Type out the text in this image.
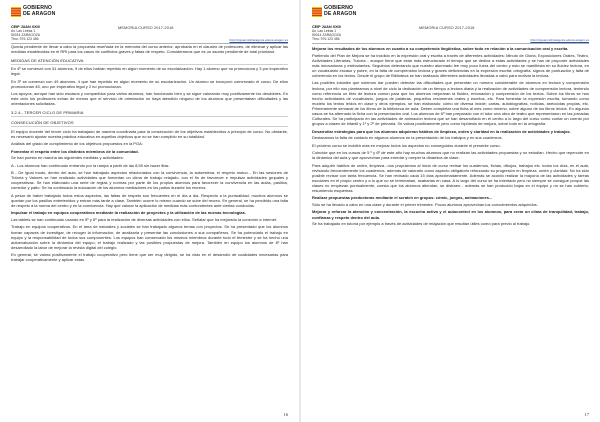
GOBIERNO
DE ARAGON
CEIP JUAN XXIII
Av. Las Letras 1
50014 ZARAGOZA
Tfno: 976 123 456
MEMORIA CURSO 2017-2018
http://cpjuanxxiiizaragoza.educa.aragon.es

Queda pendiente de llevar a cabo la propuesta reseñada en la memoria del curso anterior, aprobada en el claustro de profesores, de eliminar y aplicar las medidas establecidas en el RRI para los casos de conflictos graves y faltas de respeto. Consideramos que es un asunto pendiente de total prioridad.

MEDIDAS DE ATENCIÓN EDUCATIVA

En 4º se comenzó con 51 alumnos, 9 de ellos habían repetido en algún momento de su escolarización. Hay 1 alumno que no promociona y 3 por imperativo legal.

En 3º se comenzó con 49 alumnos. 4 que han repetido en algún momento de su escolarización. Un alumno se incorporó comenzado el curso. De ellos promocionan 45, uno por imperativo legal y 2 no promocionan.

Los apoyos, aunque han sido escasos y compartidos para varios alumnos, han funcionado bien y se sigue valorando muy positivamente los desdobles. En este ciclo los profesores echan de menos que el servicio de orientación no haya atendido ninguno de los alumnos que presentaban dificultades y las orientaciones solicitadas.

3.2.4.- TERCER CICLO DE PRIMARIA
CONSECUCIÓN DE OBJETIVOS

El equipo docente del tercer ciclo ha trabajado de manera coordinada para la consecución de los objetivos establecidos a principio de curso. No obstante, es necesario ajustar nuestra práctica educativa en aquellos objetivos que no se han cumplido en su totalidad.

Análisis del grado de cumplimiento de los objetivos propuestos en la PGA:

Fomentar el respeto entre los distintos miembros de la comunidad.

Se han puesto en marcha las siguientes medidas y actividades:

A - Los alumnos han continuado entrando por la rampa a partir de las 8,55 sin hacer filas.

B - De igual modo, dentro del aula, se han trabajado aspectos relacionados con la convivencia, la autoestima, el respeto mutuo... En las sesiones de Tutoría y Valores se han realizado actividades que fomentan un clima de trabajo relajado, con el fin de favorecer e impulsar actividades grupales y cooperativas. Se han elaborado una serie de reglas y normas por parte de los propios alumnos para favorecer la convivencia en las aulas, pasillos, comedor y patio. Se ha continuado la educación de los alumnos mediadores en los patios durante los recreos.

A pesar de haber trabajado todos estos aspectos, las faltas de respeto son frecuentes en el día a día. Respecto a la puntualidad, muchos alumnos se quedan por los pasillos entretenidos y entran más tarde a clase. También ocurre lo mismo cuando se sube del recreo. En general, se ha percibido una falta de respeto a la norma del centro y en la convivencia. Hay que valorar la aplicación de medidas más contundentes ante ciertas conductas.

Impulsar el trabajo en equipos cooperativos mediante la realización de proyectos y la utilización de las nuevas tecnologías.

Las tablets se han continuado usando en 5º y 6º para la realización de diversas actividades con ellos. Señalar que ha mejorado la conexión a internet.

Trabajo en equipos cooperativos. En el área de naturales y sociales se han trabajado algunos temas con proyectos. Se ha presentado que los alumnos fueran capaces de investigar, de recoger la información, de analizarla y presentar las conclusiones a sus compañeros. Se ha potenciado el trabajo en equipo y la responsabilidad de todos sus componentes. Los equipos han conservado los mismos miembros durante todo el trimestre y se ha hecho una autoevaluación sobre la dinámica del equipo, el trabajo realizado y las posibles propuestas de mejora. También en equipo los alumnos de 6º han desarrollado la labor de mejorar la revista digital del colegio.

En general, se valora positivamente el trabajo cooperativo pero tiene que ser muy dirigido, se ha visto en el desarrollo de cualidades necesarias para trabajar cooperativamente y aplicar estas.

16
GOBIERNO
DE ARAGON
CEIP JUAN XXIII
Av. Las Letras 1
50014 ZARAGOZA
Tfno: 976 123 456
MEMORIA CURSO 2017-2018
http://cpjuanxxiiizaragoza.educa.aragon.es
Mejorar los resultados de los alumnos en cuanto a su competencia lingüística, sobre todo en relación a la comunicación oral y escrita.

Partiendo del Plan de Mejora se ha incidido en la expresión oral y escrita a través de diferentes actividades: Minuto de Gloria, Exposiciones Orales, Teatro, Actividades Literarias, Tutoría... aunque tiene que estar más estructurado el tiempo que se dedica a estas actividades y se han de proponer actividades más innovadoras y estimulantes. Seguimos detectando que nuestro alumnado lee muy poco fuera del centro y esto se manifiesta en su fluidez lectora, en un vocabulario escaso y pobre, en la falta de comprensión lectora y graves deficiencias en la expresión escrita: ortografía, signos de puntuación y falta de coherencia en los textos. Desde el grupo de Biblioteca se han realizado diferentes actividades llevadas a cabo para motivar la lectura.

Las posibles iniciales que solemos dar pueden detectar las dificultades que presentan un número considerable de alumnos en lectura y comprensión lectora, por ello nos planteamos a nivel de ciclo la dedicación de un tiempo a lectura diaria y la realización de actividades de comprensión lectora, teniendo como referencia un libro de lectura común para que los alumnos mejoraran la fluidez, entonación y comprensión de los textos. Sobre los libros se han hecho actividades de vocabulario, juegos de palabras, pequeños resúmenes orales y escritos, etc. Para fomentar la expresión escrita, tomando como modelo los textos leídos en clase y otros ejemplos, se han elaborado: cómo de diversa índole; cartas, autobiografías, noticias, anécdotas propias, etc. Primeramente semanal de los libros de la biblioteca de aula. Deben completar una ficha al mes como mínimo, sobre alguno de los libros leídos. En algunos casos se ha alternado la ficha con la presentación oral. Los alumnos de 6º han preparado con el tutor una obra de teatro que representaron en las jornadas Culturales. Se ha participado en las actividades de animación lectora que se han desarrollado en el centro a lo largo del curso como contar un cuento por grupos a clases de infantil y 1º y 2º de primaria. Se valora positivamente pero como hipótesis de mejora, sobre todo en la ortografía.

Desarrollar estrategias para que los alumnos adquieran hábitos de limpieza, orden y claridad en la realización de actividades y trabajos.

Destacamos la falta de cuidado en algunos alumnos en la presentación de los trabajos y en sus cuadernos.

El próximo curso se incidirá más en mejorar todos los aspectos no conseguidos durante el presente curso.

Coincide que en los cursos de 5 º y 6º de este año hay muchos alumnos que no realizan las actividades propuestas y no estudian. Hecho que repercute en la dinámica del aula y que aprovechan para enredar y romper la dinámica de clase.

Para adquirir hábitos de orden, limpieza...nos propusimos al inicio de curso revisar los cuadernos, fichas, dibujos, trabajos etc. todos los días, en el aula, revisando frecuentemente los cuadernos, además de valorarlo como aspecto obligatorio reforzando su progresión en limpieza, orden y claridad. No ha sido posible revisar con tanta frecuencia. Se han revisado cada 15 días aproximadamente. Además se acordó realizar la mayoría de las actividades y tareas escolares en el propio centro y a lo que no se terminaban, acabarlas en casa. A lo largo del curso se ha intentado pero no siempre se consigue porque las clases no empiezan puntualmente, cuesta que los alumnos atiendan, se distraen... además se han producido bajas en el equipo y no se han cubierto, resumiendo esquemas.

Realizar propuestas productoras mediante el scratch en grupos: cómic, juegos, animaciones...

Sólo se ha llevado a cabo en una clase y durante el primer trimestre. Pocos alumnos aprovechan los conocimientos adquiridos.

Mejorar y reforzar la atención y concentración, la escucha activa y el autocontrol en los alumnos, para crear un clima de tranquilidad, trabajo, confianza y respeto dentro del aula.

Se ha trabajado en tutoría por ejemplo a través de actividades de relajación que resultan útiles como para previo al trabajo.

17
